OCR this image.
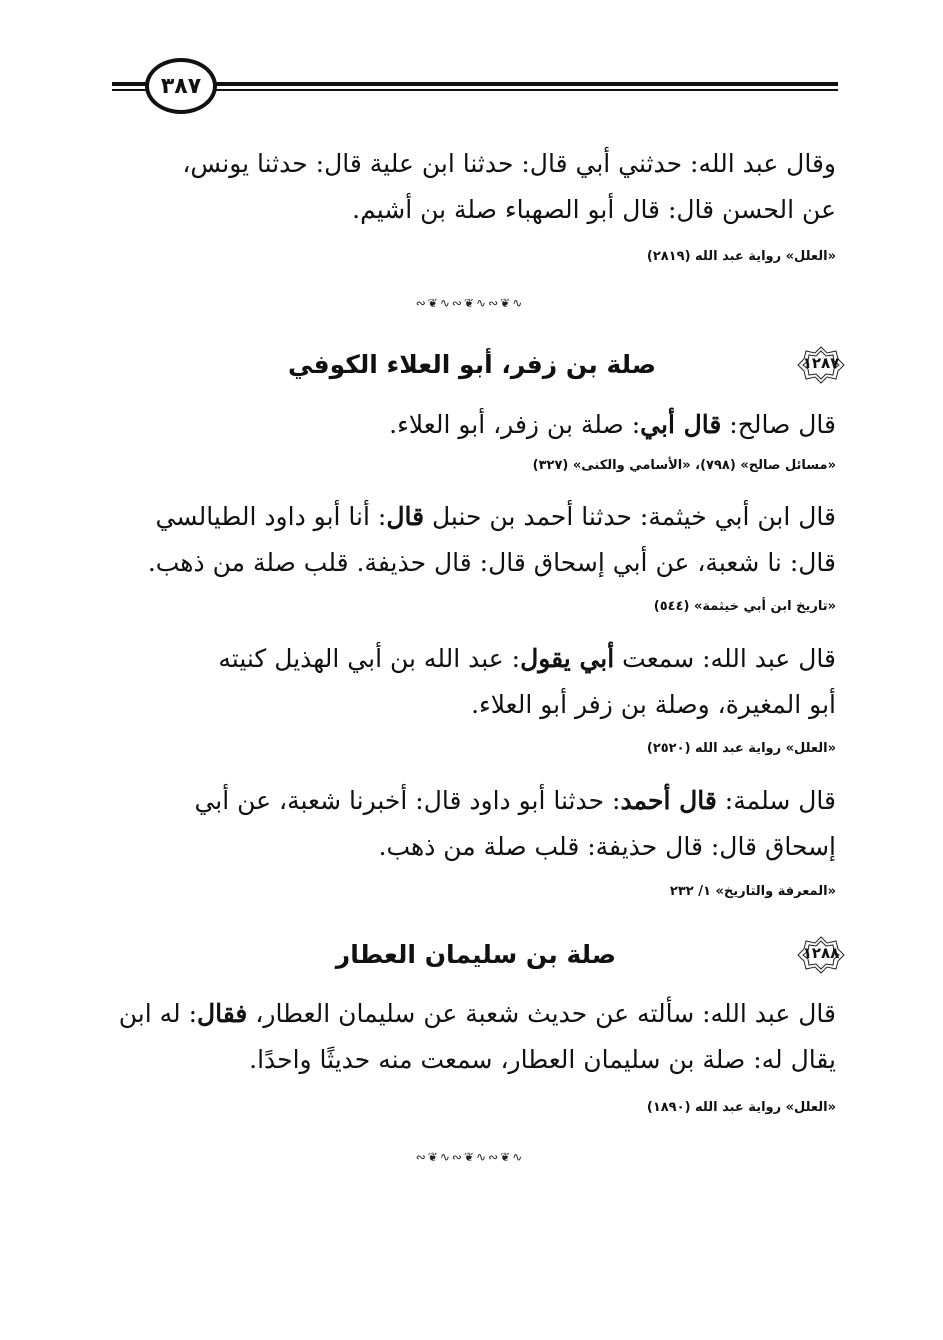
٣٨٧
وقال عبد الله: حدثني أبي قال: حدثنا ابن علية قال: حدثنا يونس،
عن الحسن قال: قال أبو الصهباء صلة بن أشيم.
«العلل» رواية عبد الله (٢٨١٩)
∾❦∿∾❦∿∾❦∿
١٢٨٧
صلة بن زفر، أبو العلاء الكوفي
قال صالح: قال أبي: صلة بن زفر، أبو العلاء.
«مسائل صالح» (٧٩٨)، «الأسامي والكنى» (٣٢٧)
قال ابن أبي خيثمة: حدثنا أحمد بن حنبل قال: أنا أبو داود الطيالسي
قال: نا شعبة، عن أبي إسحاق قال: قال حذيفة. قلب صلة من ذهب.
«تاريخ ابن أبي خيثمة» (٥٤٤)
قال عبد الله: سمعت أبي يقول: عبد الله بن أبي الهذيل كنيته
أبو المغيرة، وصلة بن زفر أبو العلاء.
«العلل» رواية عبد الله (٢٥٢٠)
قال سلمة: قال أحمد: حدثنا أبو داود قال: أخبرنا شعبة، عن أبي
إسحاق قال: قال حذيفة: قلب صلة من ذهب.
«المعرفة والتاريخ» ١/ ٢٣٢
١٢٨٨
صلة بن سليمان العطار
قال عبد الله: سألته عن حديث شعبة عن سليمان العطار، فقال: له ابن
يقال له: صلة بن سليمان العطار، سمعت منه حديثًا واحدًا.
«العلل» رواية عبد الله (١٨٩٠)
∾❦∿∾❦∿∾❦∿
